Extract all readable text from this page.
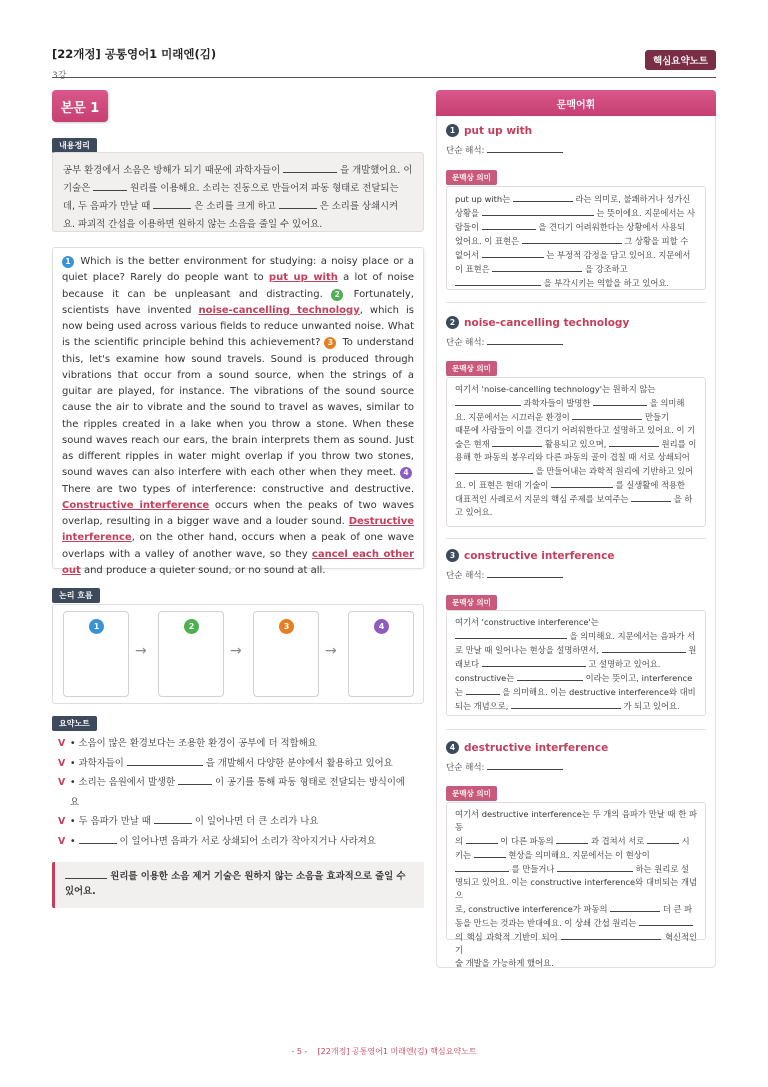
[22개정] 공통영어1 미래엔(김)
3강
핵심요약노트
본문 1
내용정리
공부 환경에서 소음은 방해가 되기 때문에 과학자들이	을 개발했어요. 이
기술은	원리를 이용해요. 소리는 진동으로 만들어져 파동 형태로 전달되는
데, 두 음파가 만날 때	은 소리를 크게 하고	은 소리를 상쇄시켜
요. 파괴적 간섭을 이용하면 원하지 않는 소음을 줄일 수 있어요.
1 Which is the better environment for studying: a noisy place or a quiet place? Rarely do people want to put up with a lot of noise because it can be unpleasant and distracting. 2 Fortunately, scientists have invented noise-cancelling technology, which is now being used across various fields to reduce unwanted noise. What is the scientific principle behind this achievement? 3 To understand this, let's examine how sound travels. Sound is produced through vibrations that occur from a sound source, when the strings of a guitar are played, for instance. The vibrations of the sound source cause the air to vibrate and the sound to travel as waves, similar to the ripples created in a lake when you throw a stone. When these sound waves reach our ears, the brain interprets them as sound. Just as different ripples in water might overlap if you throw two stones, sound waves can also interfere with each other when they meet. 4 There are two types of interference: constructive and destructive. Constructive interference occurs when the peaks of two waves overlap, resulting in a bigger wave and a louder sound. Destructive interference, on the other hand, occurs when a peak of one wave overlaps with a valley of another wave, so they cancel each other out and produce a quieter sound, or no sound at all.
논리 흐름
1
→
2
→
3
→
4
요약노트
V • 소음이 많은 환경보다는 조용한 환경이 공부에 더 적합해요
V • 과학자들이	을 개발해서 다양한 분야에서 활용하고 있어요
V • 소리는 음원에서 발생한	이 공기를 통해 파동 형태로 전달되는 방식이에
요
V • 두 음파가 만날 때	이 일어나면 더 큰 소리가 나요
V •	이 일어나면 음파가 서로 상쇄되어 소리가 작아지거나 사라져요
원리를 이용한 소음 제거 기술은 원하지 않는 소음을 효과적으로 줄일 수
있어요.
문맥어휘
1 put up with
단순 해석:
문맥상 의미
put up with는	라는 의미로, 불쾌하거나 성가신
상황을	는 뜻이에요. 지문에서는 사
람들이	을 견디기 어려워한다는 상황에서 사용되
었어요. 이 표현은	그 상황을 피할 수
없어서	는 부정적 감정을 담고 있어요. 지문에서
이 표현은	을 강조하고
을 부각시키는 역할을 하고 있어요.
2 noise-cancelling technology
단순 해석:
문맥상 의미
여기서 'noise-cancelling technology'는 원하지 않는
과학자들이 발명한	을 의미해
요. 지문에서는 시끄러운 환경이	만들기
때문에 사람들이 이를 견디기 어려워한다고 설명하고 있어요. 이 기
술은 현재	활용되고 있으며,	원리를 이
용해 한 파동의 봉우리와 다른 파동의 골이 겹칠 때 서로 상쇄되어
을 만들어내는 과학적 원리에 기반하고 있어
요. 이 표현은 현대 기술이	를 실생활에 적용한
대표적인 사례로서 지문의 핵심 주제를 보여주는	을 하
고 있어요.
3 constructive interference
단순 해석:
문맥상 의미
여기서 'constructive interference'는
을 의미해요. 지문에서는 음파가 서
로 만날 때 일어나는 현상을 설명하면서,	원
래보다	고 설명하고 있어요.
constructive는	이라는 뜻이고, interference
는	을 의미해요. 이는 destructive interference와 대비
되는 개념으로,	가 되고 있어요.
4 destructive interference
단순 해석:
문맥상 의미
여기서 destructive interference는 두 개의 음파가 만날 때 한 파동
의	이 다른 파동의	과 겹쳐서 서로	시
키는	현상을 의미해요. 지문에서는 이 현상이
를 만들거나	하는 원리로 설
명되고 있어요. 이는 constructive interference와 대비되는 개념으
로, constructive interference가 파동의	더 큰 파
동을 만드는 것과는 반대예요. 이 상쇄 간섭 원리는
의 핵심 과학적 기반이 되어	혁신적인 기
술 개발을 가능하게 했어요.
- 5 - [22개정] 공통영어1 미래엔(김) 핵심요약노트
